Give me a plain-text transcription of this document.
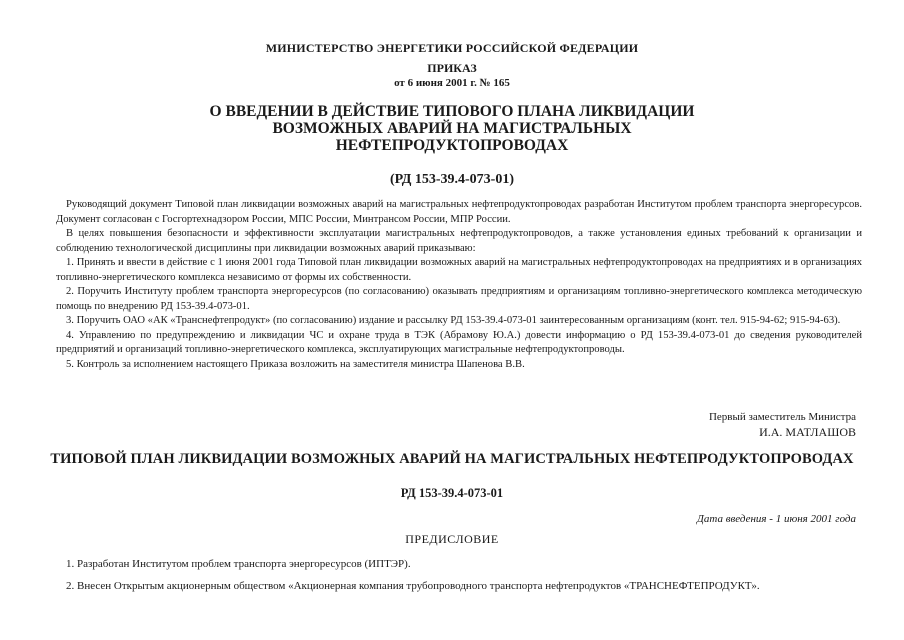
МИНИСТЕРСТВО ЭНЕРГЕТИКИ РОССИЙСКОЙ ФЕДЕРАЦИИ
ПРИКАЗ
от 6 июня 2001 г. № 165
О ВВЕДЕНИИ В ДЕЙСТВИЕ ТИПОВОГО ПЛАНА ЛИКВИДАЦИИ
ВОЗМОЖНЫХ АВАРИЙ НА МАГИСТРАЛЬНЫХ
НЕФТЕПРОДУКТОПРОВОДАХ
(РД 153-39.4-073-01)

Руководящий документ Типовой план ликвидации возможных аварий на магистральных нефтепродуктопроводах разработан Институтом проблем транспорта энергоресурсов. Документ согласован с Госгортехнадзором России, МПС России, Минтрансом России, МПР России.

В целях повышения безопасности и эффективности эксплуатации магистральных нефтепродуктопроводов, а также установления единых требований к организации и соблюдению технологической дисциплины при ликвидации возможных аварий приказываю:

1. Принять и ввести в действие с 1 июня 2001 года Типовой план ликвидации возможных аварий на магистральных нефтепродуктопроводах на предприятиях и в организациях топливно-энергетического комплекса независимо от формы их собственности.

2. Поручить Институту проблем транспорта энергоресурсов (по согласованию) оказывать предприятиям и организациям топливно-энергетического комплекса методическую помощь по внедрению РД 153-39.4-073-01.

3. Поручить ОАО «АК «Транснефтепродукт» (по согласованию) издание и рассылку РД 153-39.4-073-01 заинтересованным организациям (конт. тел. 915-94-62; 915-94-63).

4. Управлению по предупреждению и ликвидации ЧС и охране труда в ТЭК (Абрамову Ю.А.) довести информацию о РД 153-39.4-073-01 до сведения руководителей предприятий и организаций топливно-энергетического комплекса, эксплуатирующих магистральные нефтепродуктопроводы.

5. Контроль за исполнением настоящего Приказа возложить на заместителя министра Шапенова В.В.

Первый заместитель Министра
И.А. МАТЛАШОВ
ТИПОВОЙ ПЛАН ЛИКВИДАЦИИ ВОЗМОЖНЫХ АВАРИЙ НА МАГИСТРАЛЬНЫХ НЕФТЕПРОДУКТОПРОВОДАХ
РД 153-39.4-073-01
Дата введения - 1 июня 2001 года
ПРЕДИСЛОВИЕ
1. Разработан Институтом проблем транспорта энергоресурсов (ИПТЭР).
2. Внесен Открытым акционерным обществом «Акционерная компания трубопроводного транспорта нефтепродуктов «ТРАНСНЕФТЕПРОДУКТ».
